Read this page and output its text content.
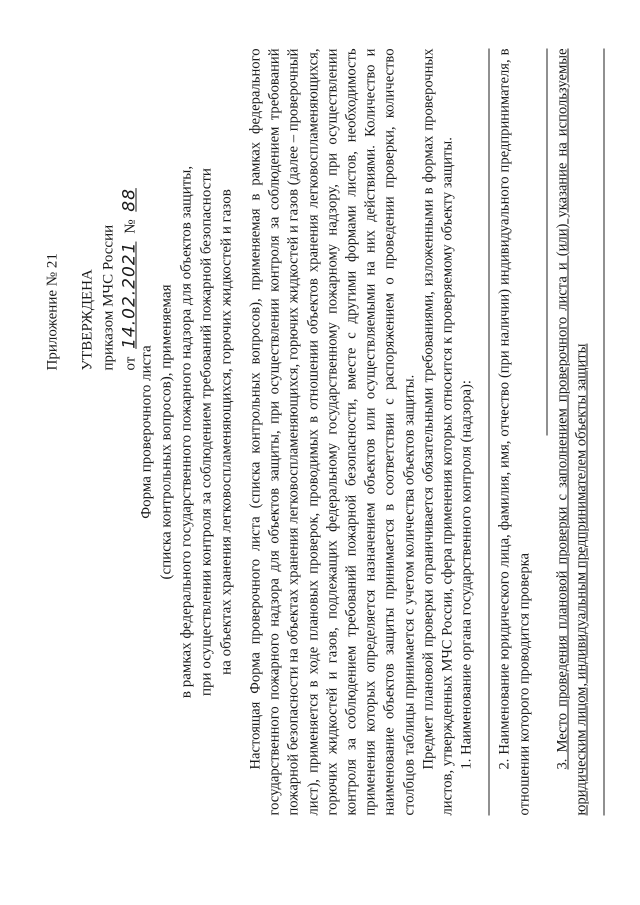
Приложение № 21 УТВЕРЖДЕНА приказом МЧС России от 14.02.2021 № 88
Форма проверочного листа (списка контрольных вопросов), применяемая в рамках федерального государственного пожарного надзора для объектов защиты, при осуществлении контроля за соблюдением требований пожарной безопасности на объектах хранения легковоспламеняющихся, горючих жидкостей и газов Настоящая Форма проверочного листа (списка контрольных вопросов), применяемая в рамках федерального государственного пожарного надзора для объектов защиты, при осуществлении контроля за соблюдением требований пожарной безопасности на объектах хранения легковоспламеняющихся, горючих жидкостей и газов (далее – проверочный лист), применяется в ходе плановых проверок, проводимых в отношении объектов хранения легковоспламеняющихся, горючих жидкостей и газов, подлежащих федеральному государственному пожарному надзору, при осуществлении контроля за соблюдением требований пожарной безопасности, вместе с другими формами листов, необходимость применения которых определяется назначением объектов или осуществляемыми на них действиями. Количество и наименование объектов защиты принимается в соответствии с распоряжением о проведении проверки, количество столбцов таблицы принимается с учетом количества объектов защиты. Предмет плановой проверки ограничивается обязательными требованиями, изложенными в формах проверочных листов, утвержденных МЧС России, сфера применения которых относится к проверяемому объекту защиты. 1. Наименование органа государственного контроля (надзора): 2. Наименование юридического лица, фамилия, имя, отчество (при наличии) индивидуального предпринимателя, в отношении которого проводится проверка 3. Место проведения плановой проверки с заполнением проверочного листа и (или) указание на используемые юридическим лицом, индивидуальным предпринимателем объекты защиты
